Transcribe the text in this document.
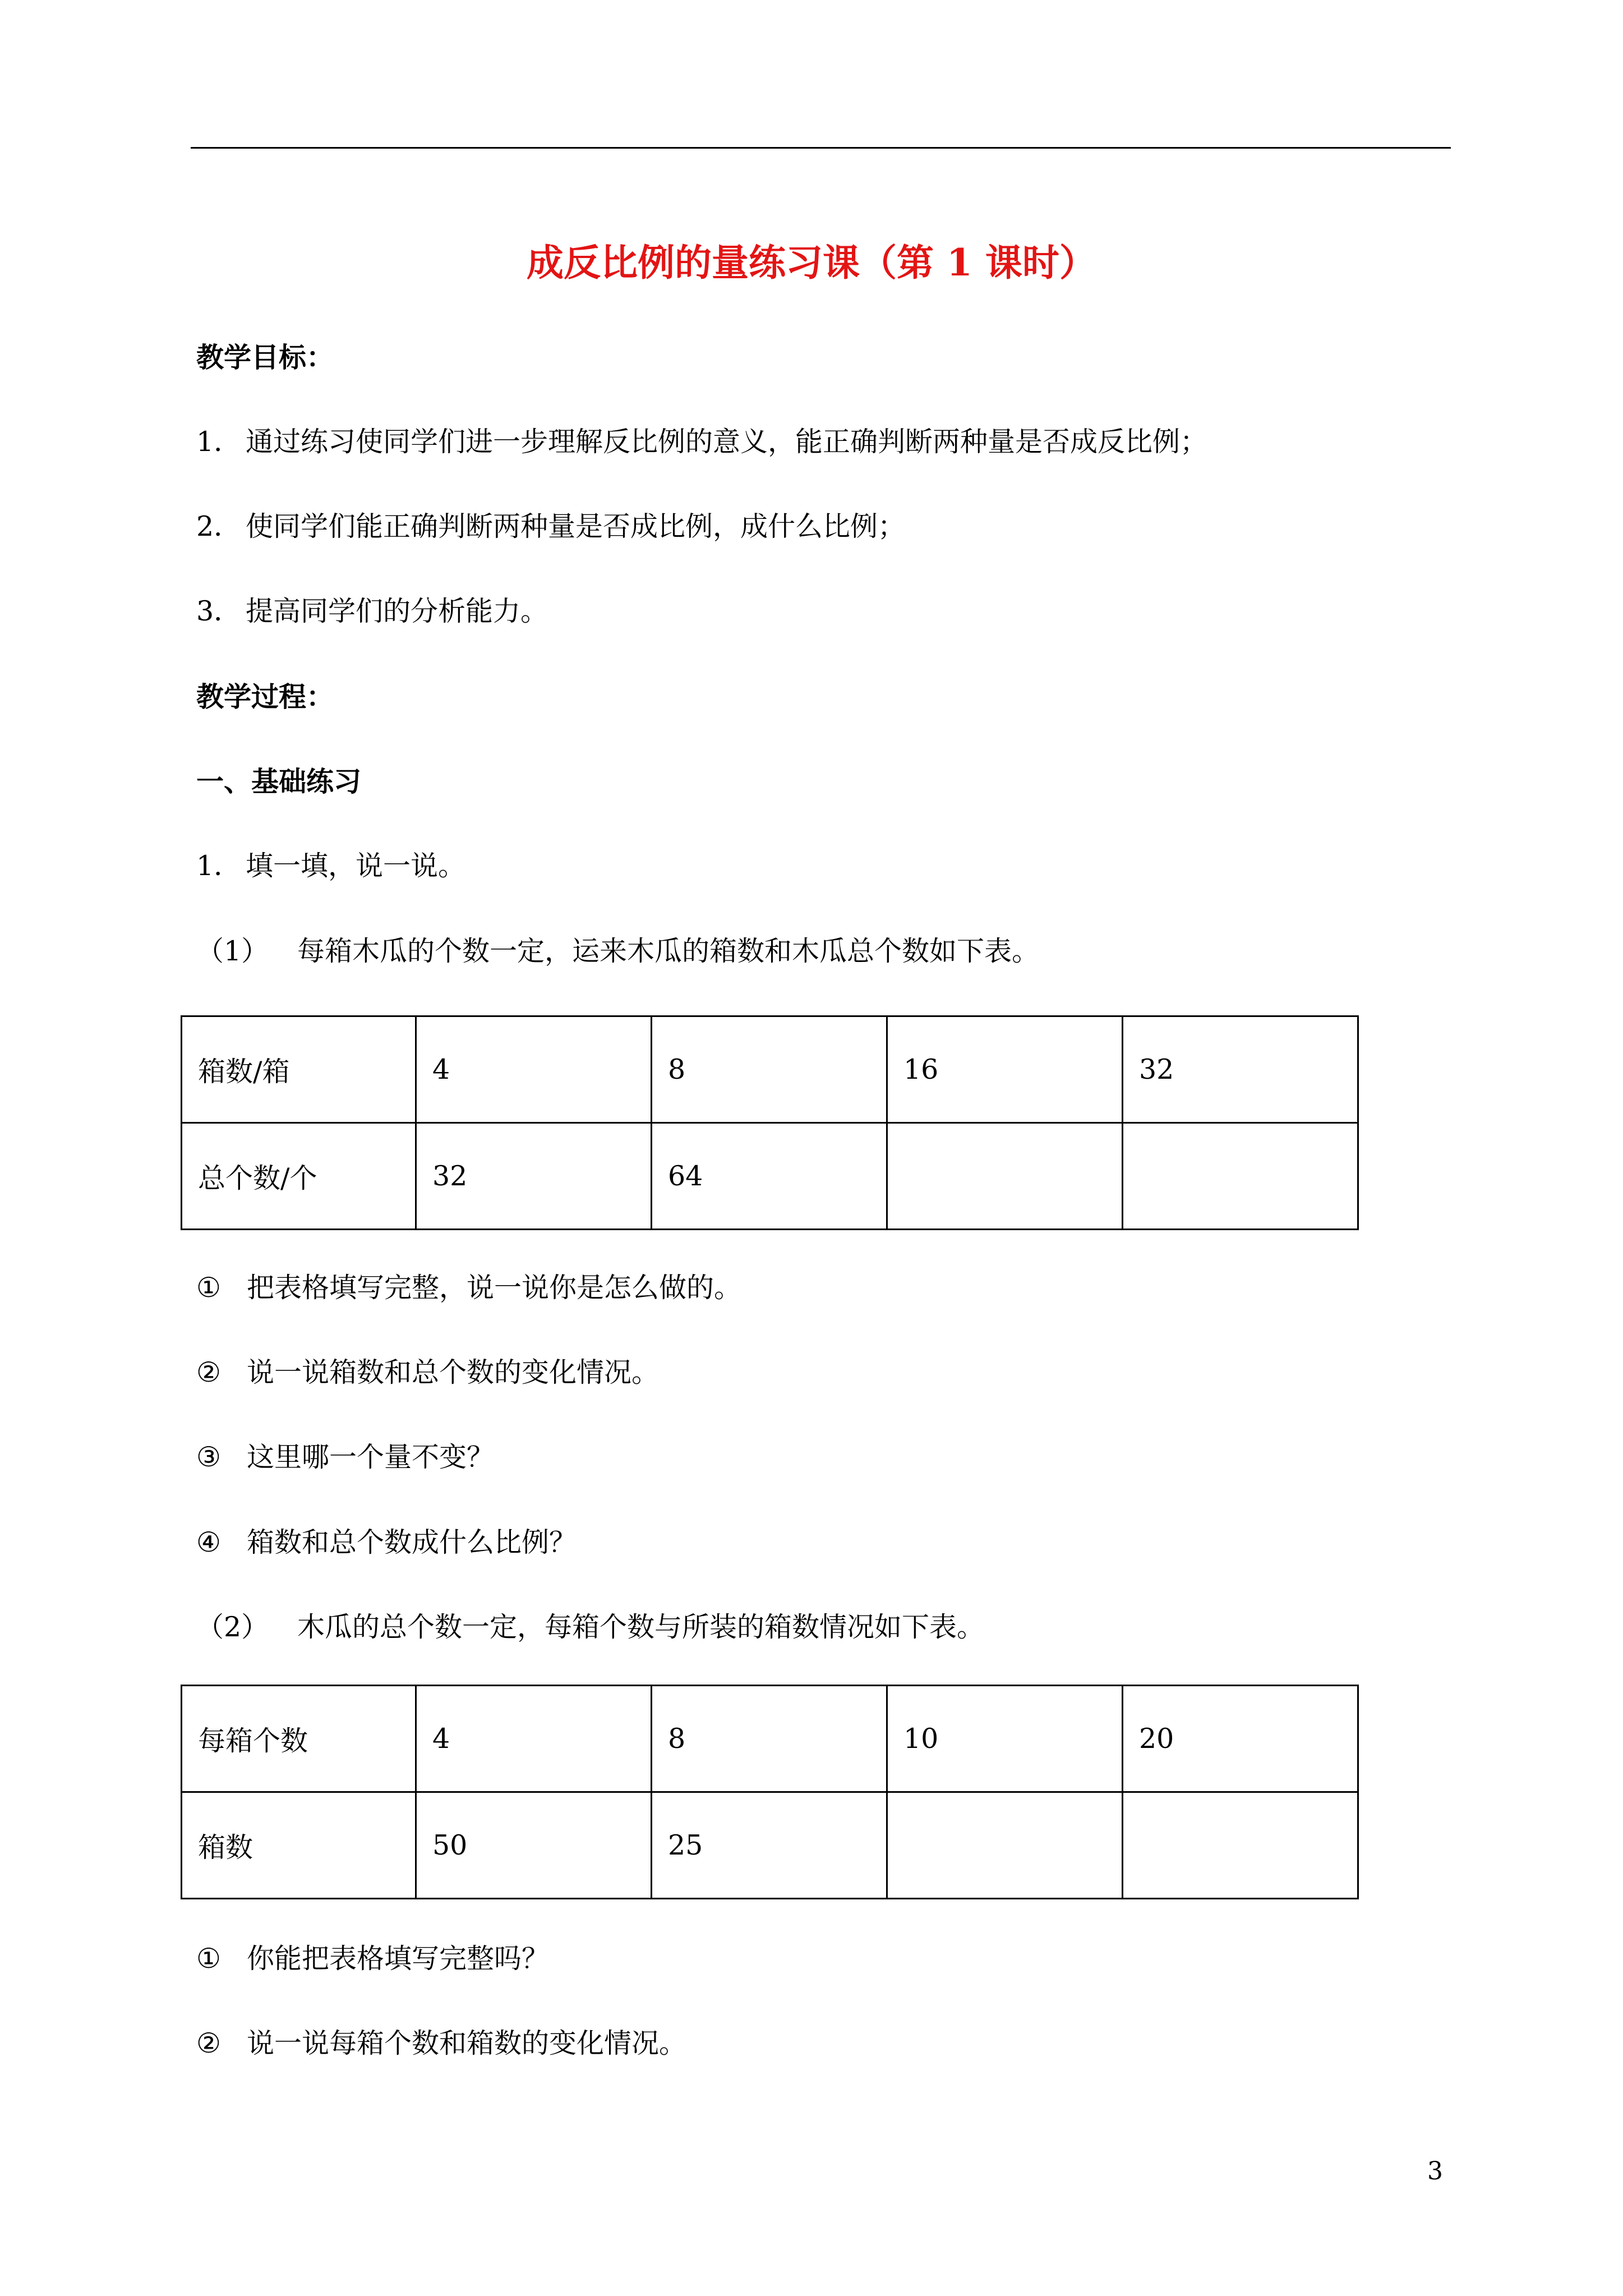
成反比例的量练习课（第 1 课时）
教学目标：
1． 通过练习使同学们进一步理解反比例的意义，能正确判断两种量是否成反比例；
2． 使同学们能正确判断两种量是否成比例，成什么比例；
3． 提高同学们的分析能力。
教学过程：
一、基础练习
1． 填一填，说一说。
（1） 每箱木瓜的个数一定，运来木瓜的箱数和木瓜总个数如下表。
箱数/箱	4	8	16	32
总个数/个	32	64		
① 把表格填写完整，说一说你是怎么做的。
② 说一说箱数和总个数的变化情况。
③ 这里哪一个量不变？
④ 箱数和总个数成什么比例？
（2） 木瓜的总个数一定，每箱个数与所装的箱数情况如下表。
每箱个数	4	8	10	20
箱数	50	25		
① 你能把表格填写完整吗？
② 说一说每箱个数和箱数的变化情况。
3
